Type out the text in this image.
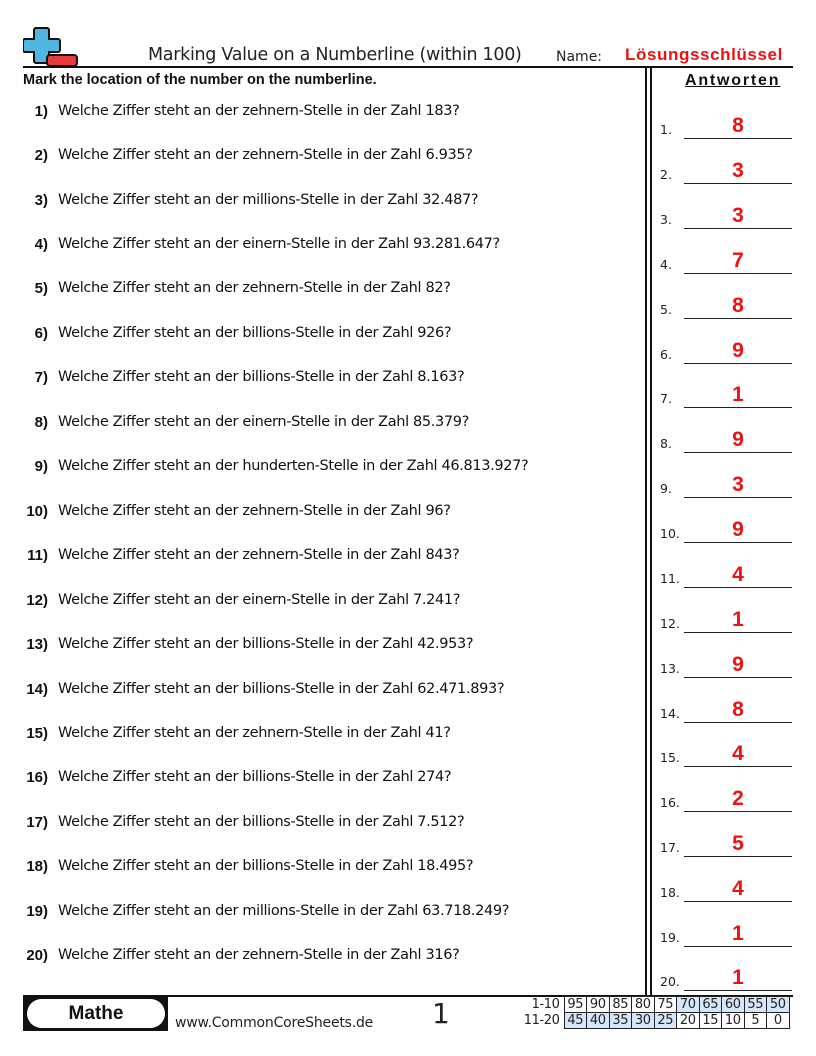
Marking Value on a Numberline (within 100) Name: Lösungsschlüssel
Mark the location of the number on the numberline.	Antworten
1) Welche Ziffer steht an der zehnern-Stelle in der Zahl 183?
2) Welche Ziffer steht an der zehnern-Stelle in der Zahl 6.935?
3) Welche Ziffer steht an der millions-Stelle in der Zahl 32.487?
4) Welche Ziffer steht an der einern-Stelle in der Zahl 93.281.647?
5) Welche Ziffer steht an der zehnern-Stelle in der Zahl 82?
6) Welche Ziffer steht an der billions-Stelle in der Zahl 926?
7) Welche Ziffer steht an der billions-Stelle in der Zahl 8.163?
8) Welche Ziffer steht an der einern-Stelle in der Zahl 85.379?
9) Welche Ziffer steht an der hunderten-Stelle in der Zahl 46.813.927?
10) Welche Ziffer steht an der zehnern-Stelle in der Zahl 96?
11) Welche Ziffer steht an der zehnern-Stelle in der Zahl 843?
12) Welche Ziffer steht an der einern-Stelle in der Zahl 7.241?
13) Welche Ziffer steht an der billions-Stelle in der Zahl 42.953?
14) Welche Ziffer steht an der billions-Stelle in der Zahl 62.471.893?
15) Welche Ziffer steht an der zehnern-Stelle in der Zahl 41?
16) Welche Ziffer steht an der billions-Stelle in der Zahl 274?
17) Welche Ziffer steht an der billions-Stelle in der Zahl 7.512?
18) Welche Ziffer steht an der billions-Stelle in der Zahl 18.495?
19) Welche Ziffer steht an der millions-Stelle in der Zahl 63.718.249?
20) Welche Ziffer steht an der zehnern-Stelle in der Zahl 316?
1.	8
2.	3
3.	3
4.	7
5.	8
6.	9
7.	1
8.	9
9.	3
10.	9
11.	4
12.	1
13.	9
14.	8
15.	4
16.	2
17.	5
18.	4
19.	1
20.	1
Mathe	www.CommonCoreSheets.de 1	1-10	95	90	85	80	75	70	65	60	55	50
11-20	45	40	35	30	25	20	15	10	5	0
